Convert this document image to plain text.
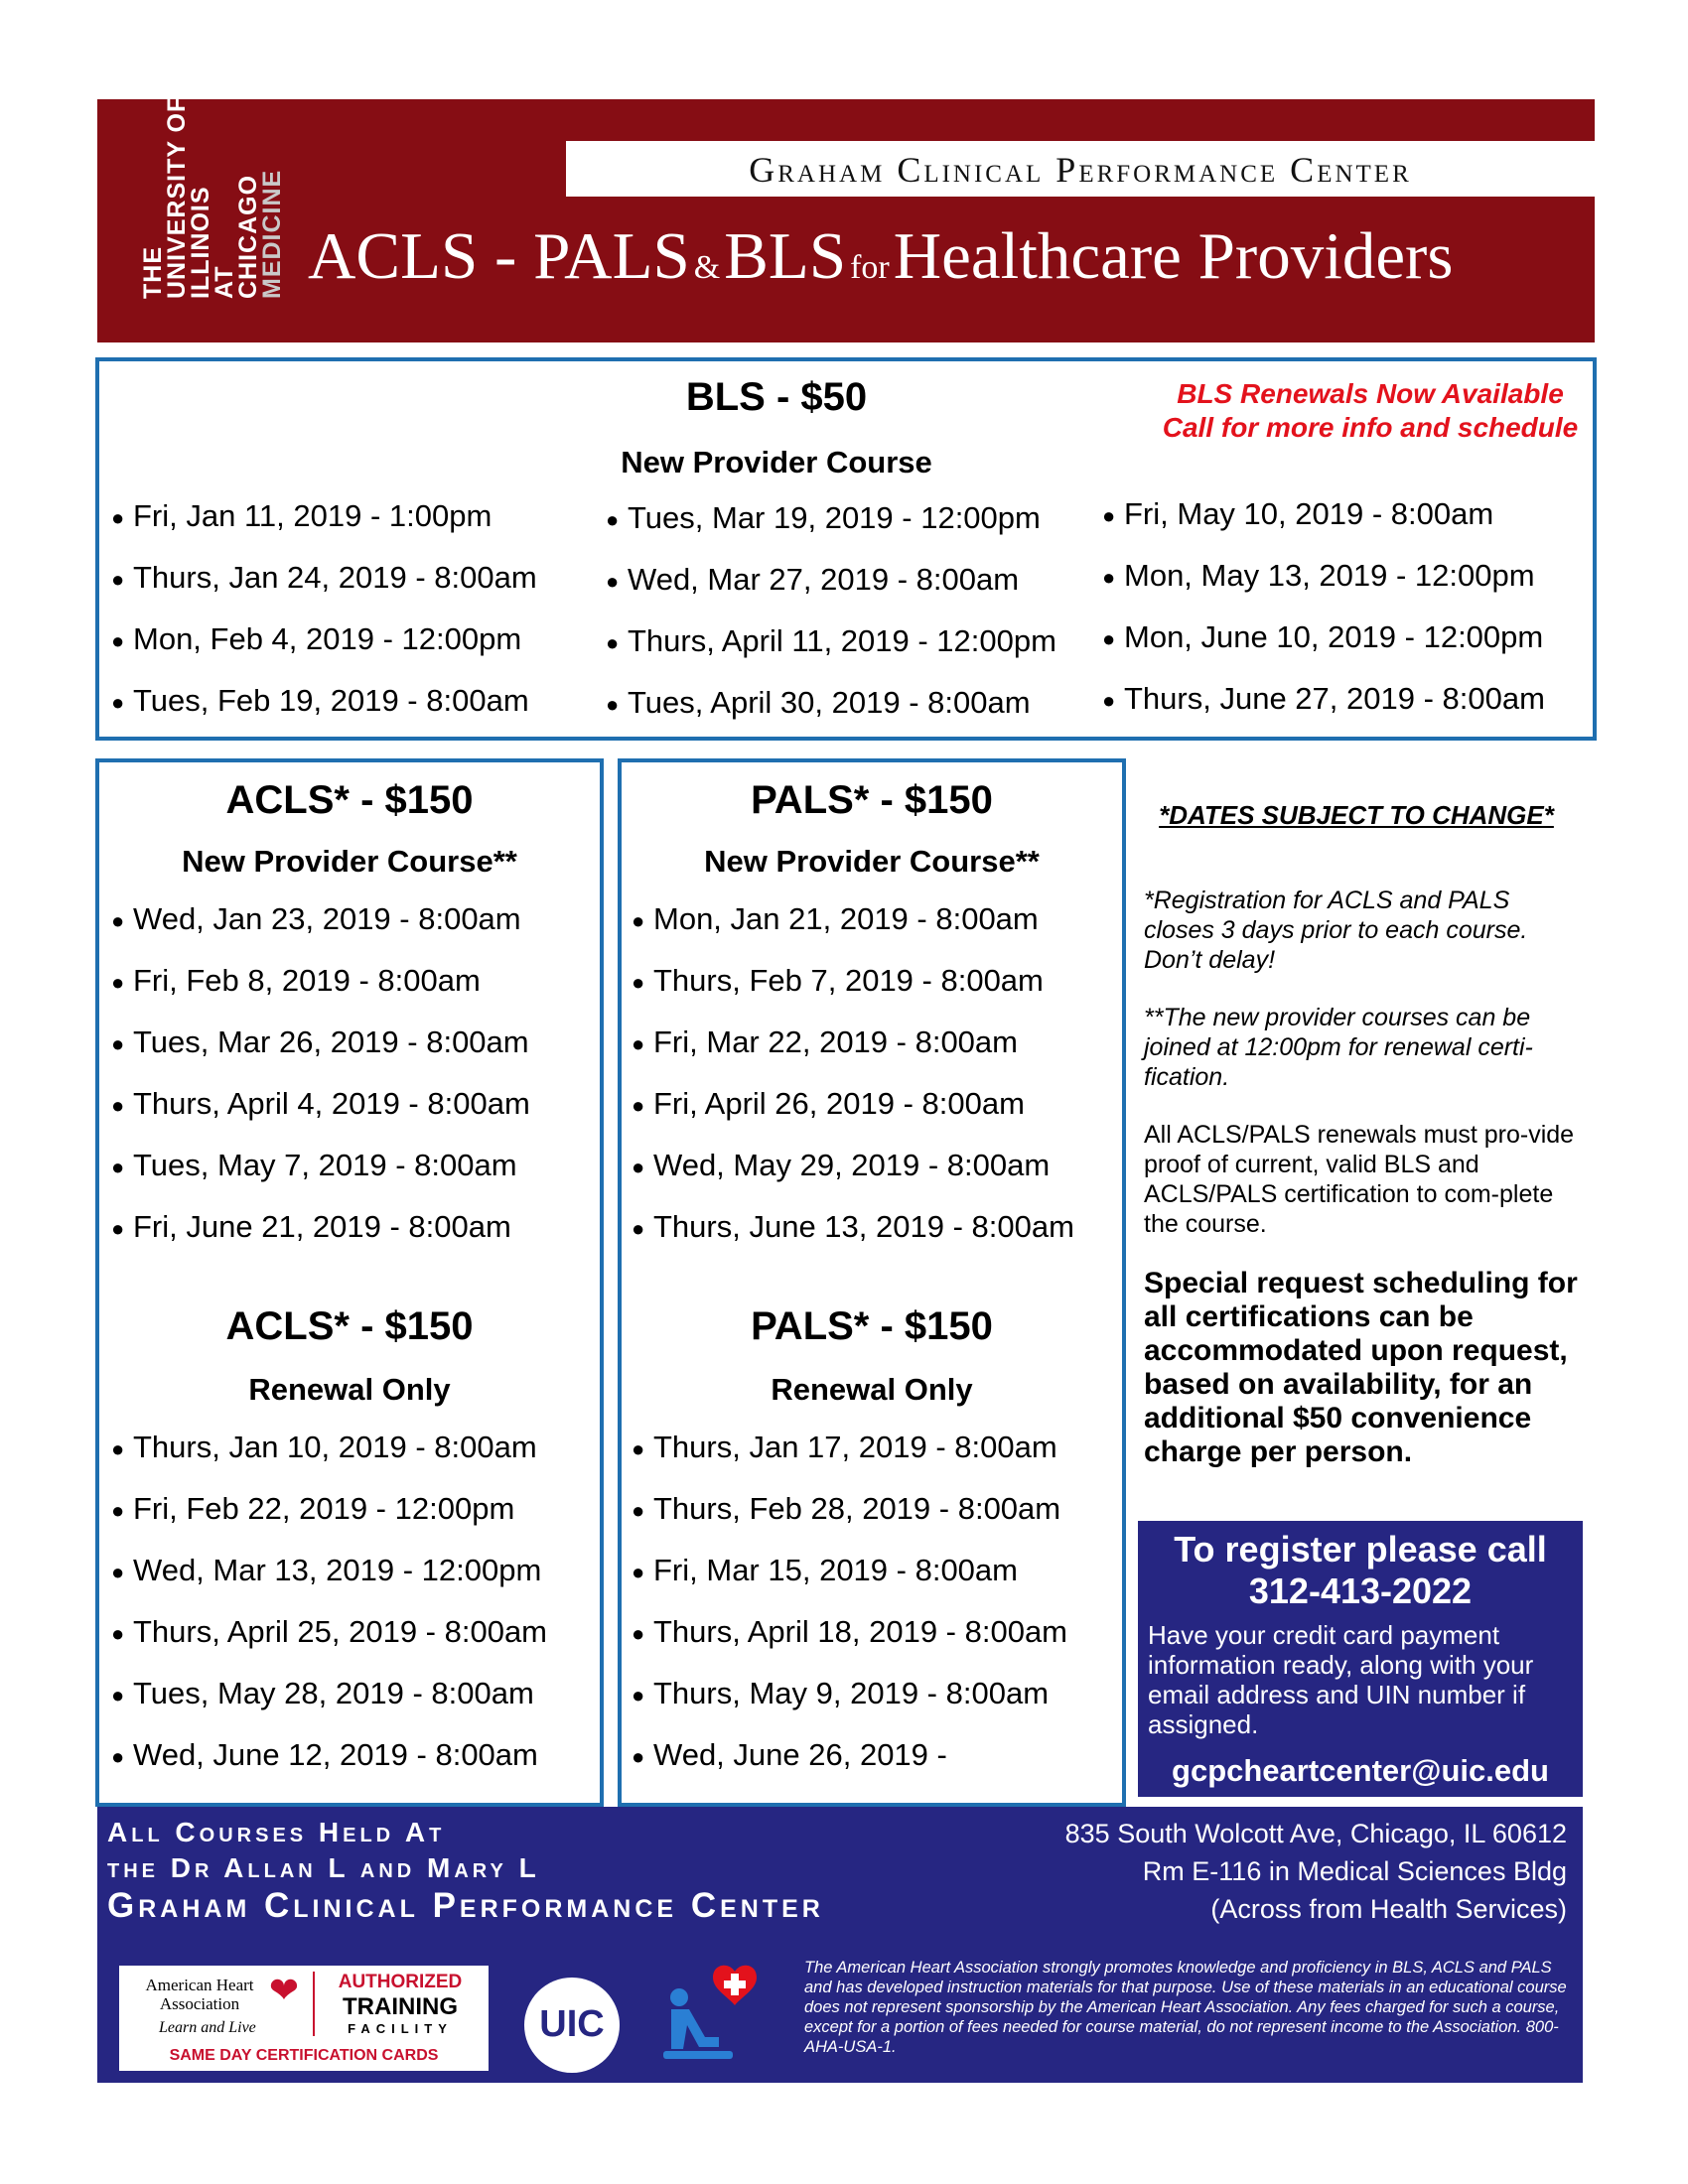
THE
UNIVERSITY OF
ILLINOIS
AT
CHICAGO
MEDICINE	Graham Clinical Performance Center
ACLS - PALS & BLS for Healthcare Providers
BLS - $50
New Provider Course
BLS Renewals Now Available
Call for more info and schedule
● Fri, Jan 11, 2019 - 1:00pm
● Thurs, Jan 24, 2019 - 8:00am
● Mon, Feb 4, 2019 - 12:00pm
● Tues, Feb 19, 2019 - 8:00am
● Tues, Mar 19, 2019 - 12:00pm
● Wed, Mar 27, 2019 - 8:00am
● Thurs, April 11, 2019 - 12:00pm
● Tues, April 30, 2019 - 8:00am
● Fri, May 10, 2019 - 8:00am
● Mon, May 13, 2019 - 12:00pm
● Mon, June 10, 2019 - 12:00pm
● Thurs, June 27, 2019 - 8:00am
ACLS* - $150
New Provider Course**
● Wed, Jan 23, 2019 - 8:00am
● Fri, Feb 8, 2019 - 8:00am
● Tues, Mar 26, 2019 - 8:00am
● Thurs, April 4, 2019 - 8:00am
● Tues, May 7, 2019 - 8:00am
● Fri, June 21, 2019 - 8:00am
ACLS* - $150
Renewal Only
● Thurs, Jan 10, 2019 - 8:00am
● Fri, Feb 22, 2019 - 12:00pm
● Wed, Mar 13, 2019 - 12:00pm
● Thurs, April 25, 2019 - 8:00am
● Tues, May 28, 2019 - 8:00am
● Wed, June 12, 2019 - 8:00am
PALS* - $150
New Provider Course**
● Mon, Jan 21, 2019 - 8:00am
● Thurs, Feb 7, 2019 - 8:00am
● Fri, Mar 22, 2019 - 8:00am
● Fri, April 26, 2019 - 8:00am
● Wed, May 29, 2019 - 8:00am
● Thurs, June 13, 2019 - 8:00am
PALS* - $150
Renewal Only
● Thurs, Jan 17, 2019 - 8:00am
● Thurs, Feb 28, 2019 - 8:00am
● Fri, Mar 15, 2019 - 8:00am
● Thurs, April 18, 2019 - 8:00am
● Thurs, May 9, 2019 - 8:00am
● Wed, June 26, 2019 -
*DATES SUBJECT TO CHANGE*
*Registration for ACLS and PALS closes 3 days prior to each course. Don’t delay!
**The new provider courses can be joined at 12:00pm for renewal certi-fication.
All ACLS/PALS renewals must pro-vide proof of current, valid BLS and ACLS/PALS certification to com-plete the course.
Special request scheduling for all certifications can be accommodated upon request, based on availability, for an additional $50 convenience charge per person.
To register please call
312-413-2022
Have your credit card payment information ready, along with your email address and UIN number if assigned.
gcpcheartcenter@uic.edu
All Courses Held At
the Dr Allan L and Mary L
Graham Clinical Performance Center
835 South Wolcott Ave, Chicago, IL 60612
Rm E-116 in Medical Sciences Bldg
(Across from Health Services)
American Heart Association ❤
Learn and Live
AUTHORIZED
TRAINING
FACILITY
SAME DAY CERTIFICATION CARDS
UIC
The American Heart Association strongly promotes knowledge and proficiency in BLS, ACLS and PALS and has developed instruction materials for that purpose. Use of these materials in an educational course does not represent sponsorship by the American Heart Association. Any fees charged for such a course, except for a portion of fees needed for course material, do not represent income to the Association. 800-AHA-USA-1.
